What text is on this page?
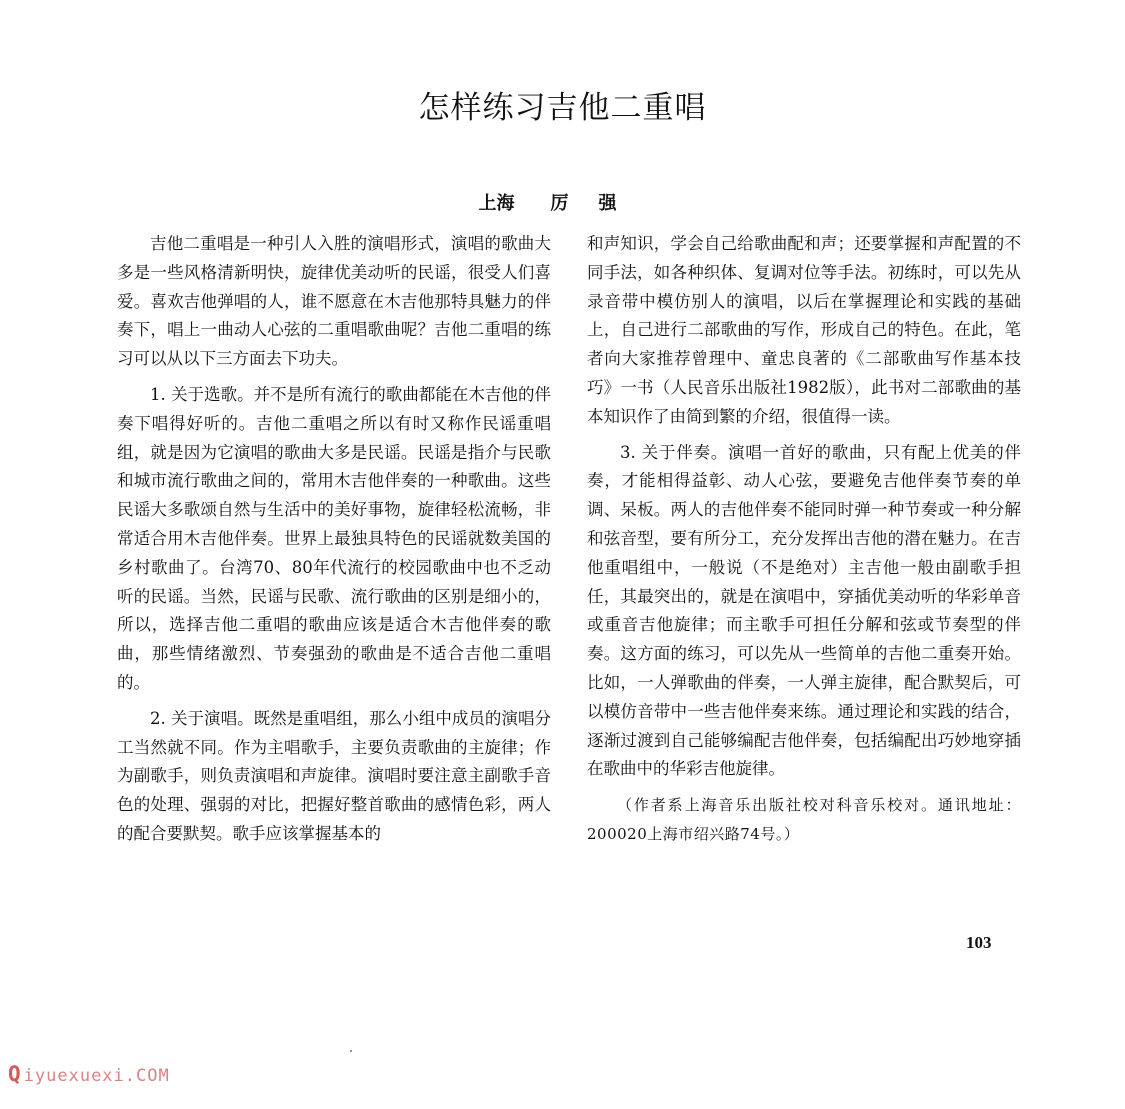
怎样练习吉他二重唱
上海 厉强

吉他二重唱是一种引人入胜的演唱形式，演唱的歌曲大多是一些风格清新明快，旋律优美动听的民谣，很受人们喜爱。喜欢吉他弹唱的人，谁不愿意在木吉他那特具魅力的伴奏下，唱上一曲动人心弦的二重唱歌曲呢？吉他二重唱的练习可以从以下三方面去下功夫。

1. 关于选歌。并不是所有流行的歌曲都能在木吉他的伴奏下唱得好听的。吉他二重唱之所以有时又称作民谣重唱组，就是因为它演唱的歌曲大多是民谣。民谣是指介与民歌和城市流行歌曲之间的，常用木吉他伴奏的一种歌曲。这些民谣大多歌颂自然与生活中的美好事物，旋律轻松流畅，非常适合用木吉他伴奏。世界上最独具特色的民谣就数美国的乡村歌曲了。台湾70、80年代流行的校园歌曲中也不乏动听的民谣。当然，民谣与民歌、流行歌曲的区别是细小的，所以，选择吉他二重唱的歌曲应该是适合木吉他伴奏的歌曲，那些情绪激烈、节奏强劲的歌曲是不适合吉他二重唱的。

2. 关于演唱。既然是重唱组，那么小组中成员的演唱分工当然就不同。作为主唱歌手，主要负责歌曲的主旋律；作为副歌手，则负责演唱和声旋律。演唱时要注意主副歌手音色的处理、强弱的对比，把握好整首歌曲的感情色彩，两人的配合要默契。歌手应该掌握基本的

和声知识，学会自己给歌曲配和声；还要掌握和声配置的不同手法，如各种织体、复调对位等手法。初练时，可以先从录音带中模仿别人的演唱，以后在掌握理论和实践的基础上，自己进行二部歌曲的写作，形成自己的特色。在此，笔者向大家推荐曾理中、童忠良著的《二部歌曲写作基本技巧》一书（人民音乐出版社1982版），此书对二部歌曲的基本知识作了由简到繁的介绍，很值得一读。

3. 关于伴奏。演唱一首好的歌曲，只有配上优美的伴奏，才能相得益彰、动人心弦，要避免吉他伴奏节奏的单调、呆板。两人的吉他伴奏不能同时弹一种节奏或一种分解和弦音型，要有所分工，充分发挥出吉他的潜在魅力。在吉他重唱组中，一般说（不是绝对）主吉他一般由副歌手担任，其最突出的，就是在演唱中，穿插优美动听的华彩单音或重音吉他旋律；而主歌手可担任分解和弦或节奏型的伴奏。这方面的练习，可以先从一些简单的吉他二重奏开始。比如，一人弹歌曲的伴奏，一人弹主旋律，配合默契后，可以模仿音带中一些吉他伴奏来练。通过理论和实践的结合，逐渐过渡到自己能够编配吉他伴奏，包括编配出巧妙地穿插在歌曲中的华彩吉他旋律。

（作者系上海音乐出版社校对科音乐校对。通讯地址：200020上海市绍兴路74号。）

103
Q iyuexuexi.COM
